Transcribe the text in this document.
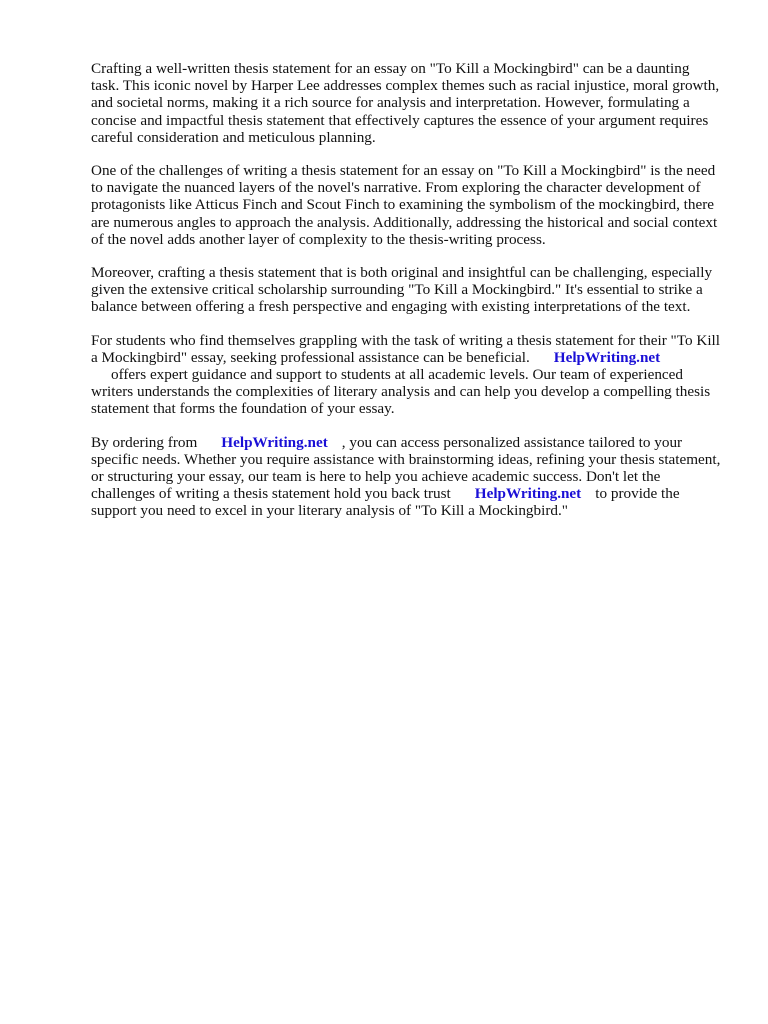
Crafting a well-written thesis statement for an essay on "To Kill a Mockingbird" can be a daunting task. This iconic novel by Harper Lee addresses complex themes such as racial injustice, moral growth, and societal norms, making it a rich source for analysis and interpretation. However, formulating a concise and impactful thesis statement that effectively captures the essence of your argument requires careful consideration and meticulous planning.

One of the challenges of writing a thesis statement for an essay on "To Kill a Mockingbird" is the need to navigate the nuanced layers of the novel's narrative. From exploring the character development of protagonists like Atticus Finch and Scout Finch to examining the symbolism of the mockingbird, there are numerous angles to approach the analysis. Additionally, addressing the historical and social context of the novel adds another layer of complexity to the thesis-writing process.

Moreover, crafting a thesis statement that is both original and insightful can be challenging, especially given the extensive critical scholarship surrounding "To Kill a Mockingbird." It's essential to strike a balance between offering a fresh perspective and engaging with existing interpretations of the text.

For students who find themselves grappling with the task of writing a thesis statement for their "To Kill a Mockingbird" essay, seeking professional assistance can be beneficial. HelpWriting.net
offers expert guidance and support to students at all academic levels. Our team of experienced writers understands the complexities of literary analysis and can help you develop a compelling thesis statement that forms the foundation of your essay.

By ordering from HelpWriting.net , you can access personalized assistance tailored to your specific needs. Whether you require assistance with brainstorming ideas, refining your thesis statement, or structuring your essay, our team is here to help you achieve academic success. Don't let the challenges of writing a thesis statement hold you back trust HelpWriting.net to provide the support you need to excel in your literary analysis of "To Kill a Mockingbird."
